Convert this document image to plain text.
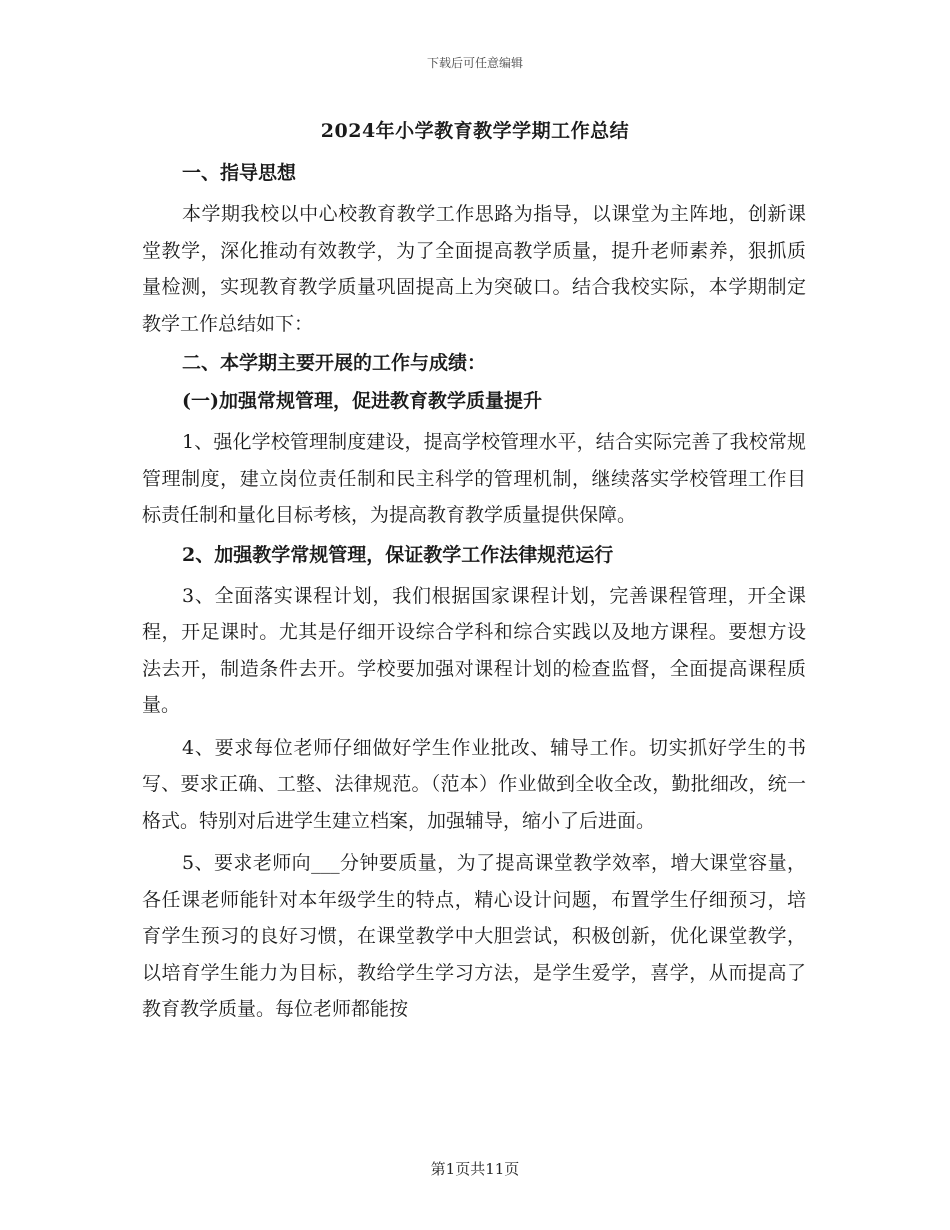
下载后可任意编辑
2024年小学教育教学学期工作总结
一、指导思想
本学期我校以中心校教育教学工作思路为指导，以课堂为主阵地，创新课堂教学，深化推动有效教学，为了全面提高教学质量，提升老师素养，狠抓质量检测，实现教育教学质量巩固提高上为突破口。结合我校实际，本学期制定教学工作总结如下：
二、本学期主要开展的工作与成绩：
(一)加强常规管理，促进教育教学质量提升
1、强化学校管理制度建设，提高学校管理水平，结合实际完善了我校常规管理制度，建立岗位责任制和民主科学的管理机制，继续落实学校管理工作目标责任制和量化目标考核，为提高教育教学质量提供保障。
2、加强教学常规管理，保证教学工作法律规范运行
3、全面落实课程计划，我们根据国家课程计划，完善课程管理，开全课程，开足课时。尤其是仔细开设综合学科和综合实践以及地方课程。要想方设法去开，制造条件去开。学校要加强对课程计划的检查监督，全面提高课程质量。
4、要求每位老师仔细做好学生作业批改、辅导工作。切实抓好学生的书写、要求正确、工整、法律规范。（范本）作业做到全收全改，勤批细改，统一格式。特别对后进学生建立档案，加强辅导，缩小了后进面。
5、要求老师向___分钟要质量，为了提高课堂教学效率，增大课堂容量，各任课老师能针对本年级学生的特点，精心设计问题，布置学生仔细预习，培育学生预习的良好习惯，在课堂教学中大胆尝试，积极创新，优化课堂教学，以培育学生能力为目标，教给学生学习方法，是学生爱学，喜学，从而提高了教育教学质量。每位老师都能按
第1页共11页
